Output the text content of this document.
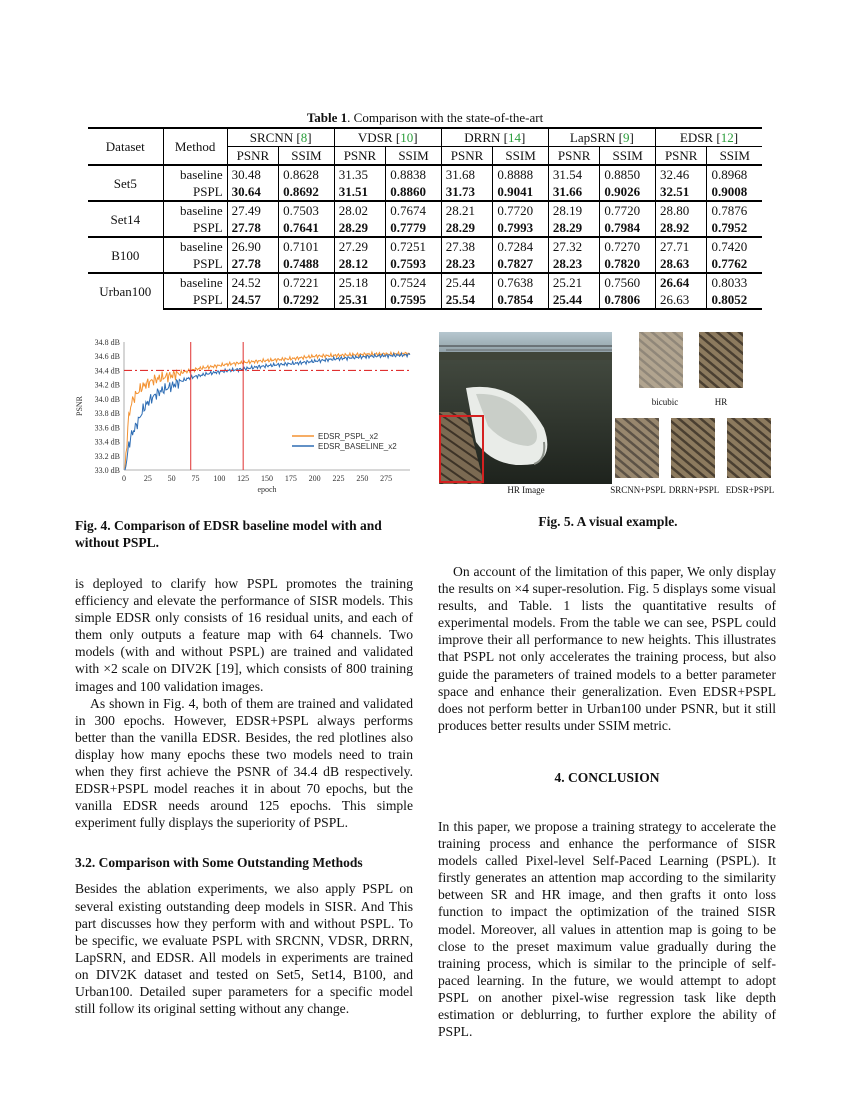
Table 1. Comparison with the state-of-the-art
Dataset	Method	SRCNN [8]		VDSR [10]		DRRN [14]		LapSRN [9]		EDSR [12]	
		PSNR	SSIM	PSNR	SSIM	PSNR	SSIM	PSNR	SSIM	PSNR	SSIM
Set5	baseline	30.48	0.8628	31.35	0.8838	31.68	0.8888	31.54	0.8850	32.46	0.8968
	PSPL	30.64	0.8692	31.51	0.8860	31.73	0.9041	31.66	0.9026	32.51	0.9008
Set14	baseline	27.49	0.7503	28.02	0.7674	28.21	0.7720	28.19	0.7720	28.80	0.7876
	PSPL	27.78	0.7641	28.29	0.7779	28.29	0.7993	28.29	0.7984	28.92	0.7952
B100	baseline	26.90	0.7101	27.29	0.7251	27.38	0.7284	27.32	0.7270	27.71	0.7420
	PSPL	27.78	0.7488	28.12	0.7593	28.23	0.7827	28.23	0.7820	28.63	0.7762
Urban100	baseline	24.52	0.7221	25.18	0.7524	25.44	0.7638	25.21	0.7560	26.64	0.8033
	PSPL	24.57	0.7292	25.31	0.7595	25.54	0.7854	25.44	0.7806	26.63	0.8052
33.0 dB
33.2 dB
33.4 dB
33.6 dB
33.8 dB
34.0 dB
34.2 dB
34.4 dB
34.6 dB
34.8 dB
0 25 50 75 100 125 150 175 200 225 250 275
epoch
PSNR
EDSR_PSPL_x2
EDSR_BASELINE_x2
HR Image
bicubic	HR
SRCNN+PSPL DRRN+PSPL EDSR+PSPL
Fig. 4. Comparison of EDSR baseline model with and without PSPL.
Fig. 5. A visual example.

is deployed to clarify how PSPL promotes the training efficiency and elevate the performance of SISR models. This simple EDSR only consists of 16 residual units, and each of them only outputs a feature map with 64 channels. Two models (with and without PSPL) are trained and validated with ×2 scale on DIV2K [19], which consists of 800 training images and 100 validation images.

As shown in Fig. 4, both of them are trained and validated in 300 epochs. However, EDSR+PSPL always performs better than the vanilla EDSR. Besides, the red plotlines also display how many epochs these two models need to train when they first achieve the PSNR of 34.4 dB respectively. EDSR+PSPL model reaches it in about 70 epochs, but the vanilla EDSR needs around 125 epochs. This simple experiment fully displays the superiority of PSPL.

3.2. Comparison with Some Outstanding Methods

Besides the ablation experiments, we also apply PSPL on several existing outstanding deep models in SISR. And This part discusses how they perform with and without PSPL. To be specific, we evaluate PSPL with SRCNN, VDSR, DRRN, LapSRN, and EDSR. All models in experiments are trained on DIV2K dataset and tested on Set5, Set14, B100, and Urban100. Detailed super parameters for a specific model still follow its original setting without any change.

On account of the limitation of this paper, We only display the results on ×4 super-resolution. Fig. 5 displays some visual results, and Table. 1 lists the quantitative results of experimental models. From the table we can see, PSPL could improve their all performance to new heights. This illustrates that PSPL not only accelerates the training process, but also guide the parameters of trained models to a better parameter space and enhance their generalization. Even EDSR+PSPL does not perform better in Urban100 under PSNR, but it still produces better results under SSIM metric.

4. CONCLUSION

In this paper, we propose a training strategy to accelerate the training process and enhance the performance of SISR models called Pixel-level Self-Paced Learning (PSPL). It firstly generates an attention map according to the similarity between SR and HR image, and then grafts it onto loss function to impact the optimization of the trained SISR model. Moreover, all values in attention map is going to be close to the preset maximum value gradually during the training process, which is similar to the principle of self-paced learning. In the future, we would attempt to adopt PSPL on another pixel-wise regression task like depth estimation or deblurring, to further explore the ability of PSPL.
